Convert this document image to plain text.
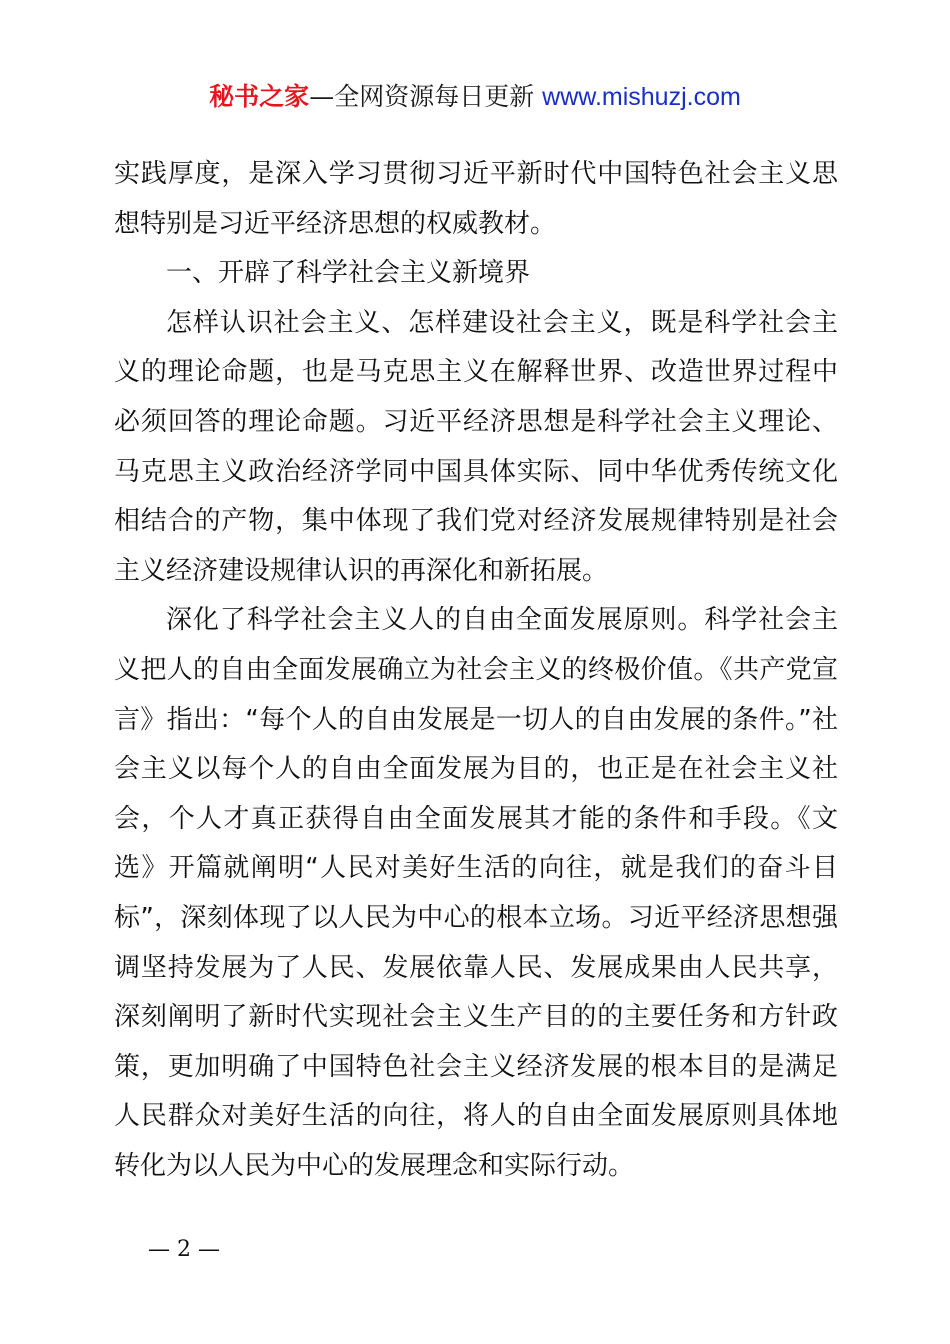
秘书之家—全网资源每日更新 www.mishuzj.com

实践厚度，是深入学习贯彻习近平新时代中国特色社会主义思想特别是习近平经济思想的权威教材。

一、开辟了科学社会主义新境界

怎样认识社会主义、怎样建设社会主义，既是科学社会主义的理论命题，也是马克思主义在解释世界、改造世界过程中必须回答的理论命题。习近平经济思想是科学社会主义理论、马克思主义政治经济学同中国具体实际、同中华优秀传统文化相结合的产物，集中体现了我们党对经济发展规律特别是社会主义经济建设规律认识的再深化和新拓展。

深化了科学社会主义人的自由全面发展原则。科学社会主义把人的自由全面发展确立为社会主义的终极价值。《共产党宣言》指出：“每个人的自由发展是一切人的自由发展的条件。”社会主义以每个人的自由全面发展为目的，也正是在社会主义社会，个人才真正获得自由全面发展其才能的条件和手段。《文选》开篇就阐明“人民对美好生活的向往，就是我们的奋斗目标”，深刻体现了以人民为中心的根本立场。习近平经济思想强调坚持发展为了人民、发展依靠人民、发展成果由人民共享，深刻阐明了新时代实现社会主义生产目的的主要任务和方针政策，更加明确了中国特色社会主义经济发展的根本目的是满足人民群众对美好生活的向往，将人的自由全面发展原则具体地转化为以人民为中心的发展理念和实际行动。

— 2 —
